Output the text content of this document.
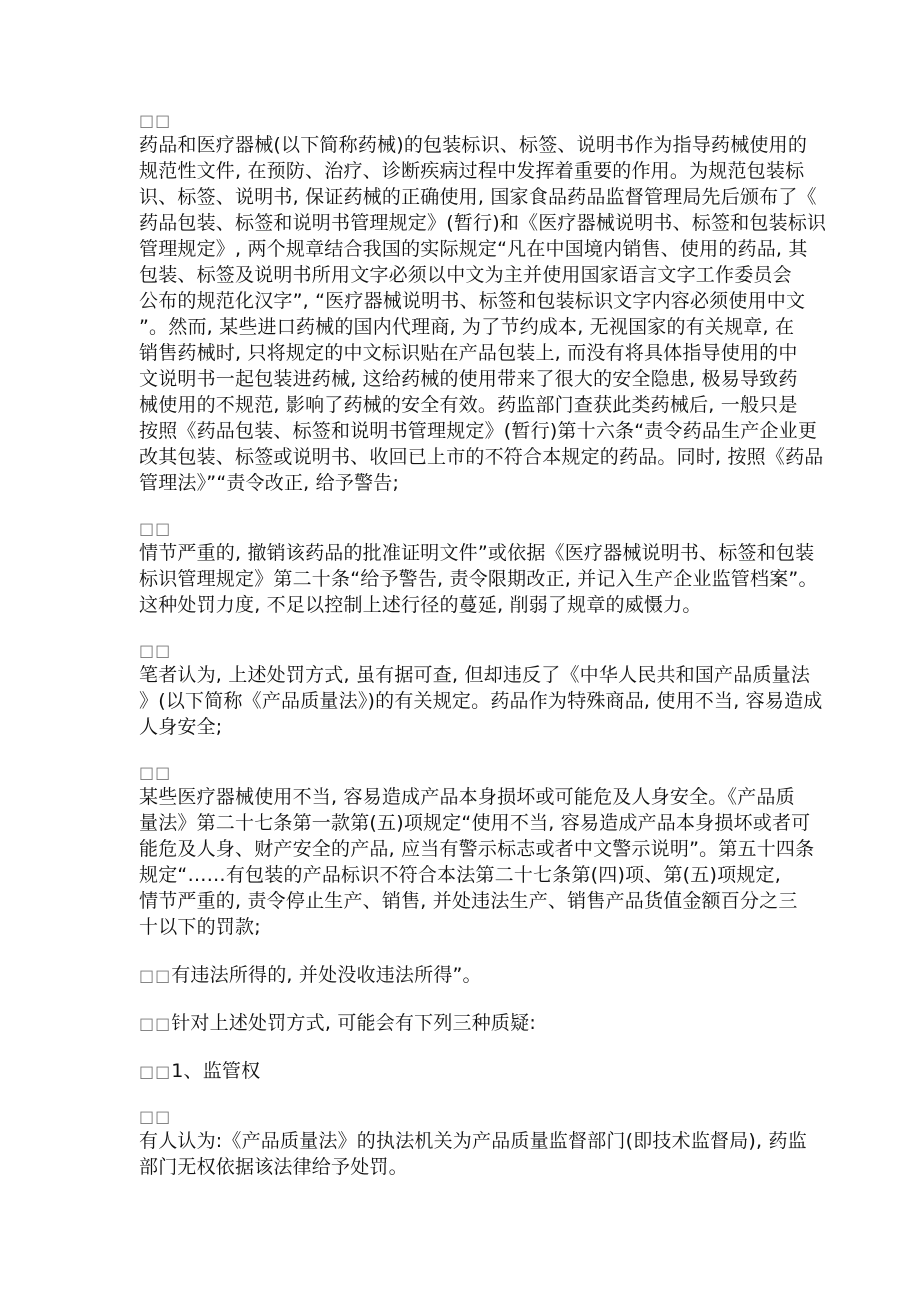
□□
药品和医疗器械(以下简称药械)的包装标识、标签、说明书作为指导药械使用的
规范性文件, 在预防、治疗、诊断疾病过程中发挥着重要的作用。为规范包装标
识、标签、说明书, 保证药械的正确使用, 国家食品药品监督管理局先后颁布了《
药品包装、标签和说明书管理规定》(暂行)和《医疗器械说明书、标签和包装标识
管理规定》, 两个规章结合我国的实际规定“凡在中国境内销售、使用的药品, 其
包装、标签及说明书所用文字必须以中文为主并使用国家语言文字工作委员会
公布的规范化汉字”, “医疗器械说明书、标签和包装标识文字内容必须使用中文
”。然而, 某些进口药械的国内代理商, 为了节约成本, 无视国家的有关规章, 在
销售药械时, 只将规定的中文标识贴在产品包装上, 而没有将具体指导使用的中
文说明书一起包装进药械, 这给药械的使用带来了很大的安全隐患, 极易导致药
械使用的不规范, 影响了药械的安全有效。药监部门查获此类药械后, 一般只是
按照《药品包装、标签和说明书管理规定》(暂行)第十六条“责令药品生产企业更
改其包装、标签或说明书、收回已上市的不符合本规定的药品。同时, 按照《药品
管理法》”“责令改正, 给予警告;
□□
情节严重的, 撤销该药品的批准证明文件”或依据《医疗器械说明书、标签和包装
标识管理规定》第二十条“给予警告, 责令限期改正, 并记入生产企业监管档案”。
这种处罚力度, 不足以控制上述行径的蔓延, 削弱了规章的威慑力。
□□
笔者认为, 上述处罚方式, 虽有据可查, 但却违反了《中华人民共和国产品质量法
》(以下简称《产品质量法》)的有关规定。药品作为特殊商品, 使用不当, 容易造成
人身安全;
□□
某些医疗器械使用不当, 容易造成产品本身损坏或可能危及人身安全。《产品质
量法》第二十七条第一款第(五)项规定“使用不当, 容易造成产品本身损坏或者可
能危及人身、财产安全的产品, 应当有警示标志或者中文警示说明”。第五十四条
规定“……有包装的产品标识不符合本法第二十七条第(四)项、第(五)项规定,
情节严重的, 责令停止生产、销售, 并处违法生产、销售产品货值金额百分之三
十以下的罚款;
□□有违法所得的, 并处没收违法所得”。
□□针对上述处罚方式, 可能会有下列三种质疑:
□□1、监管权
□□
有人认为:《产品质量法》的执法机关为产品质量监督部门(即技术监督局), 药监
部门无权依据该法律给予处罚。
